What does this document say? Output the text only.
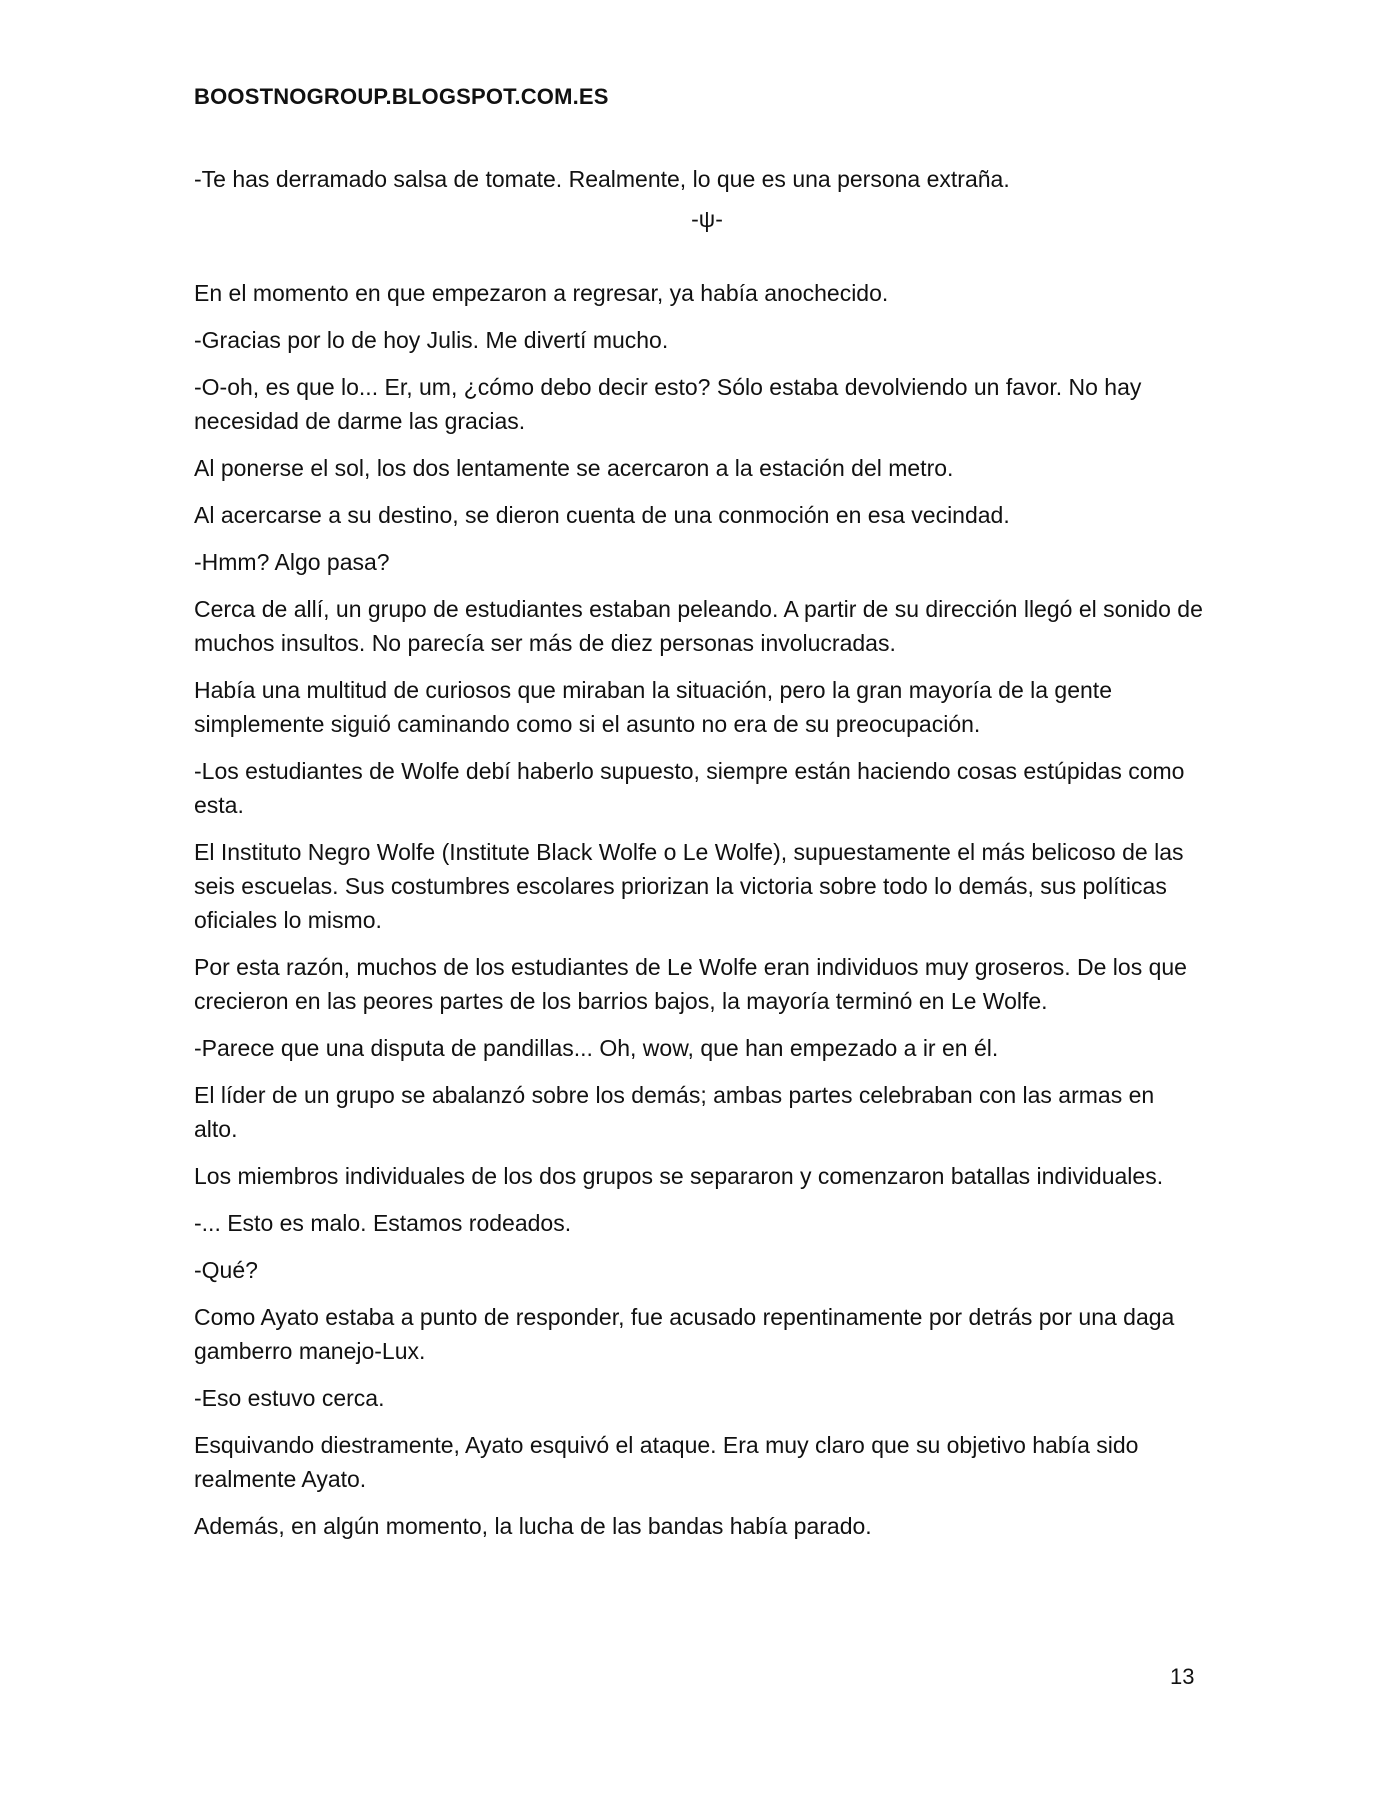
BOOSTNOGROUP.BLOGSPOT.COM.ES

-Te has derramado salsa de tomate. Realmente, lo que es una persona extraña.

-ψ-

En el momento en que empezaron a regresar, ya había anochecido.

-Gracias por lo de hoy Julis. Me divertí mucho.

-O-oh, es que lo... Er, um, ¿cómo debo decir esto? Sólo estaba devolviendo un favor. No hay necesidad de darme las gracias.

Al ponerse el sol, los dos lentamente se acercaron a la estación del metro.

Al acercarse a su destino, se dieron cuenta de una conmoción en esa vecindad.

-Hmm? Algo pasa?

Cerca de allí, un grupo de estudiantes estaban peleando. A partir de su dirección llegó el sonido de muchos insultos. No parecía ser más de diez personas involucradas.

Había una multitud de curiosos que miraban la situación, pero la gran mayoría de la gente simplemente siguió caminando como si el asunto no era de su preocupación.

-Los estudiantes de Wolfe debí haberlo supuesto, siempre están haciendo cosas estúpidas como esta.

El Instituto Negro Wolfe (Institute Black Wolfe o Le Wolfe), supuestamente el más belicoso de las seis escuelas. Sus costumbres escolares priorizan la victoria sobre todo lo demás, sus políticas oficiales lo mismo.

Por esta razón, muchos de los estudiantes de Le Wolfe eran individuos muy groseros. De los que crecieron en las peores partes de los barrios bajos, la mayoría terminó en Le Wolfe.

-Parece que una disputa de pandillas... Oh, wow, que han empezado a ir en él.

El líder de un grupo se abalanzó sobre los demás; ambas partes celebraban con las armas en alto.

Los miembros individuales de los dos grupos se separaron y comenzaron batallas individuales.

-... Esto es malo. Estamos rodeados.

-Qué?

Como Ayato estaba a punto de responder, fue acusado repentinamente por detrás por una daga gamberro manejo-Lux.

-Eso estuvo cerca.

Esquivando diestramente, Ayato esquivó el ataque. Era muy claro que su objetivo había sido realmente Ayato.

Además, en algún momento, la lucha de las bandas había parado.

13
